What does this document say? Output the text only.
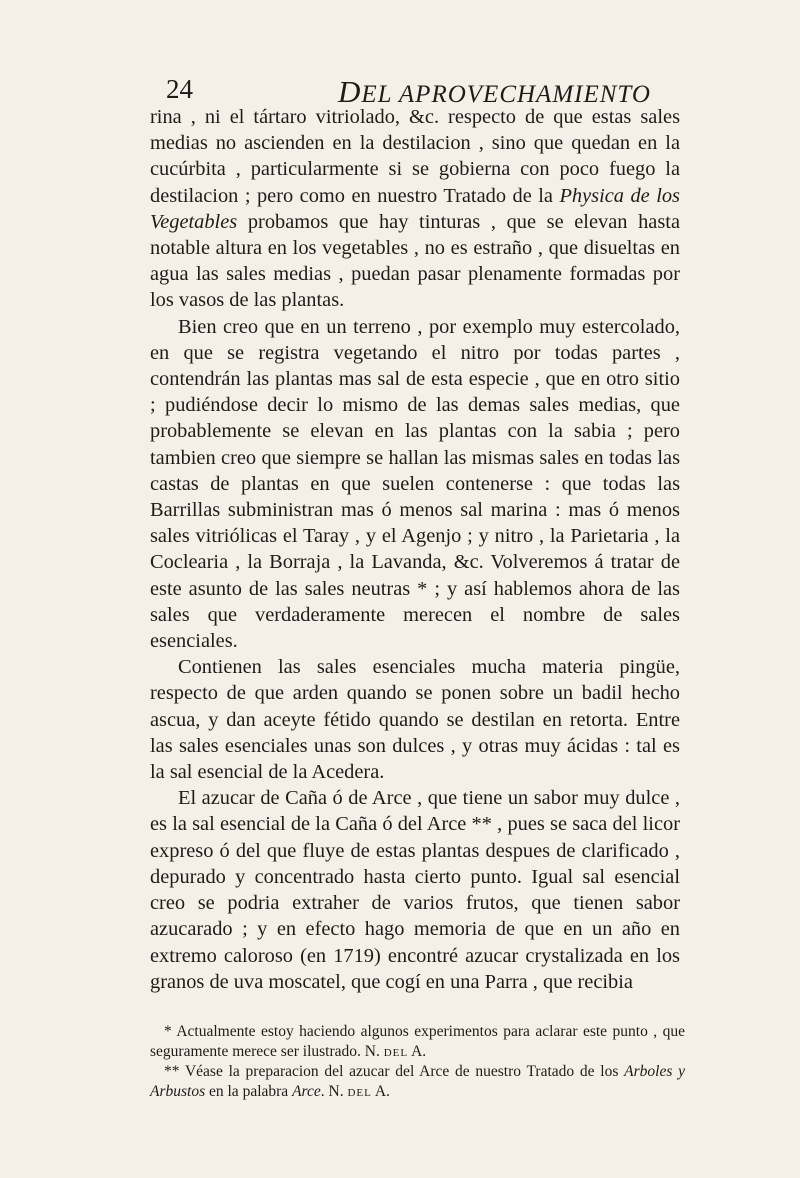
24	DEL APROVECHAMIENTO

rina , ni el tártaro vitriolado, &c. respecto de que estas sales medias no ascienden en la destilacion , sino que quedan en la cucúrbita , particularmente si se gobierna con poco fuego la destilacion ; pero como en nuestro Tratado de la Physica de los Vegetables probamos que hay tinturas , que se elevan hasta notable altura en los vegetables , no es estraño , que disueltas en agua las sales medias , puedan pasar plenamente formadas por los vasos de las plantas.

Bien creo que en un terreno , por exemplo muy estercolado, en que se registra vegetando el nitro por todas partes , contendrán las plantas mas sal de esta especie , que en otro sitio ; pudiéndose decir lo mismo de las demas sales medias, que probablemente se elevan en las plantas con la sabia ; pero tambien creo que siempre se hallan las mismas sales en todas las castas de plantas en que suelen contenerse : que todas las Barrillas subministran mas ó menos sal marina : mas ó menos sales vitriólicas el Taray , y el Agenjo ; y nitro , la Parietaria , la Coclearia , la Borraja , la Lavanda, &c. Volveremos á tratar de este asunto de las sales neutras * ; y así hablemos ahora de las sales que verdaderamente merecen el nombre de sales esenciales.

Contienen las sales esenciales mucha materia pingüe, respecto de que arden quando se ponen sobre un badil hecho ascua, y dan aceyte fétido quando se destilan en retorta. Entre las sales esenciales unas son dulces , y otras muy ácidas : tal es la sal esencial de la Acedera.

El azucar de Caña ó de Arce , que tiene un sabor muy dulce , es la sal esencial de la Caña ó del Arce ** , pues se saca del licor expreso ó del que fluye de estas plantas despues de clarificado , depurado y concentrado hasta cierto punto. Igual sal esencial creo se podria extraher de varios frutos, que tienen sabor azucarado ; y en efecto hago memoria de que en un año en extremo caloroso (en 1719) encontré azucar crystalizada en los granos de uva moscatel, que cogí en una Parra , que recibia

* Actualmente estoy haciendo algunos experimentos para aclarar este punto , que seguramente merece ser ilustrado. N. del A.

** Véase la preparacion del azucar del Arce de nuestro Tratado de los Arboles y Arbustos en la palabra Arce. N. del A.
